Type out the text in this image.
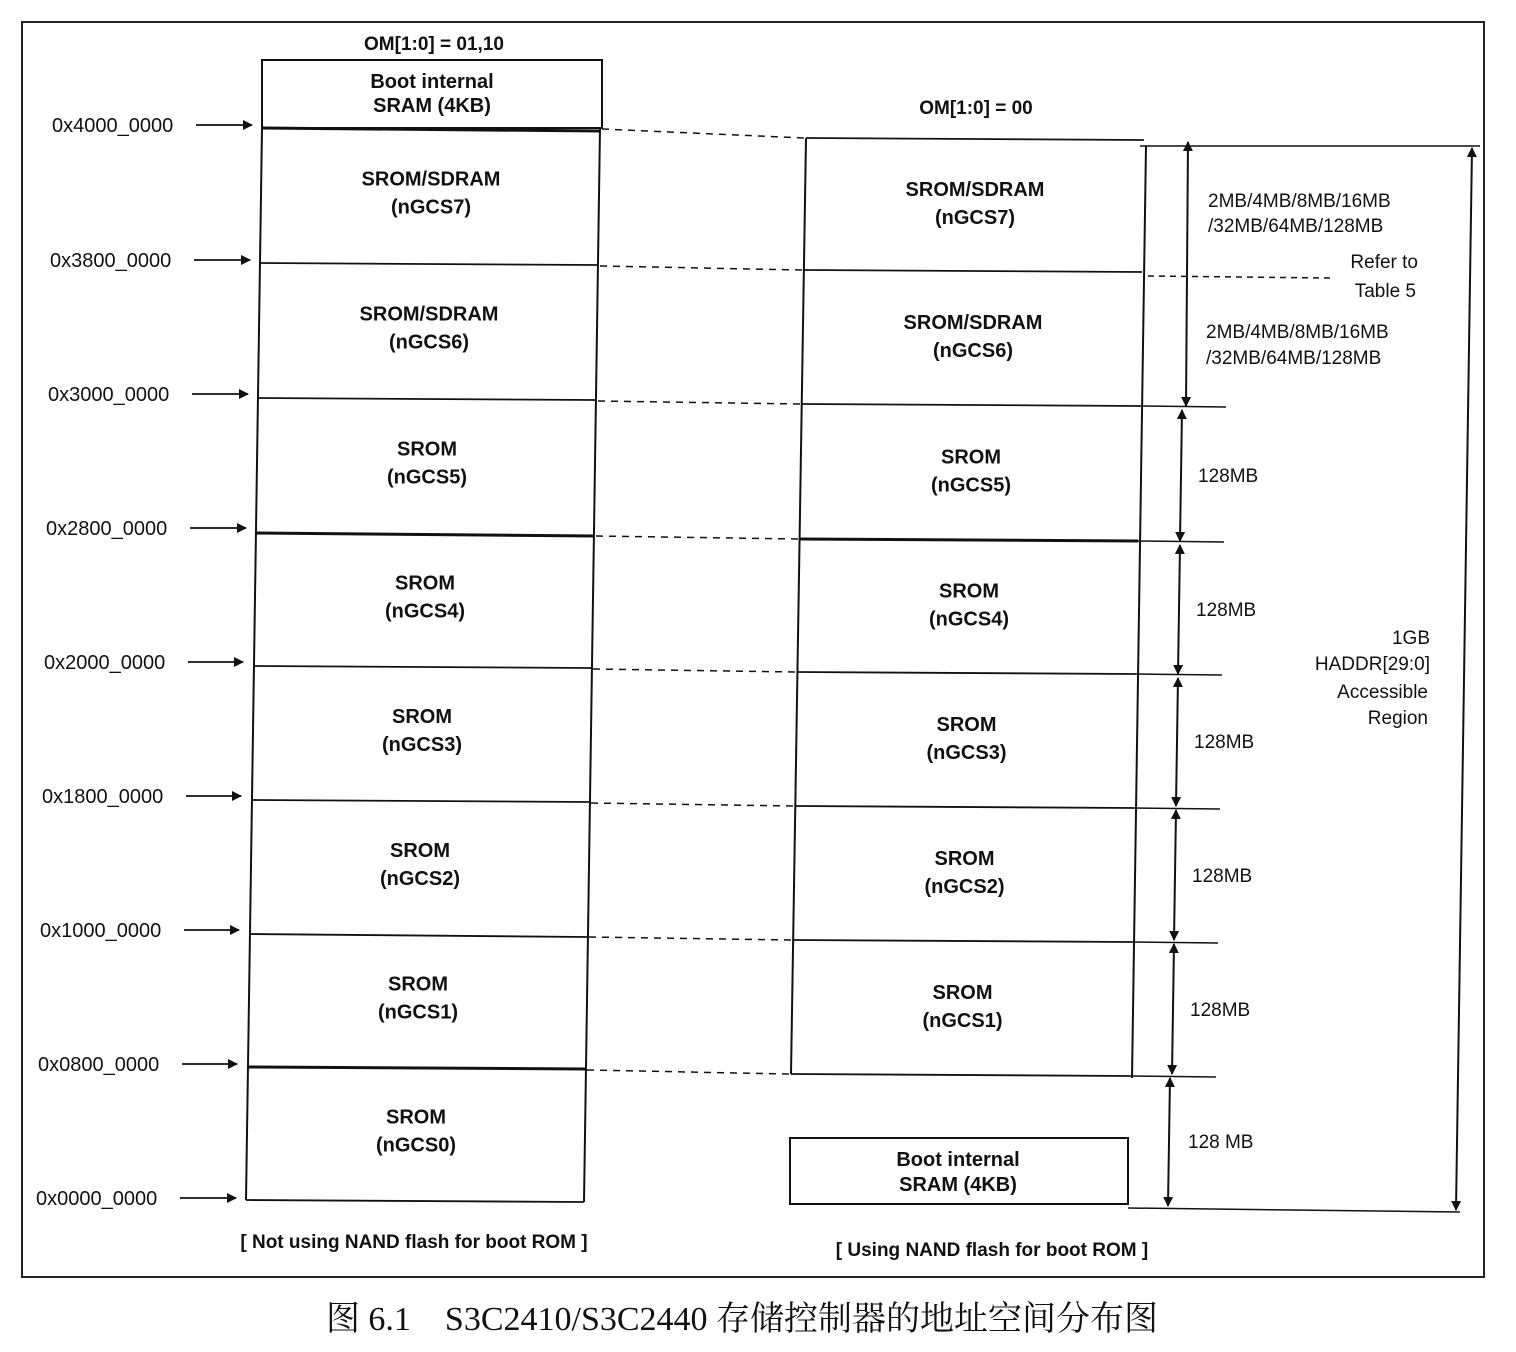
OM[1:0] = 01,10
Boot internal
SRAM (4KB)
SROM/SDRAM
(nGCS7)
SROM/SDRAM
(nGCS6)
SROM
(nGCS5)
SROM
(nGCS4)
SROM
(nGCS3)
SROM
(nGCS2)
SROM
(nGCS1)
SROM
(nGCS0)
0x4000_0000
0x3800_0000
0x3000_0000
0x2800_0000
0x2000_0000
0x1800_0000
0x1000_0000
0x0800_0000
0x0000_0000
OM[1:0] = 00
SROM/SDRAM
(nGCS7)
SROM/SDRAM
(nGCS6)
SROM
(nGCS5)
SROM
(nGCS4)
SROM
(nGCS3)
SROM
(nGCS2)
SROM
(nGCS1)
Boot internal
SRAM (4KB)
128MB
128MB
128MB
128MB
128MB
128 MB
2MB/4MB/8MB/16MB
/32MB/64MB/128MB
Refer to
Table 5
2MB/4MB/8MB/16MB
/32MB/64MB/128MB
1GB
HADDR[29:0]
Accessible
Region
[ Not using NAND flash for boot ROM ]	[ Using NAND flash for boot ROM ]
图 6.1　S3C2410/S3C2440 存储控制器的地址空间分布图
